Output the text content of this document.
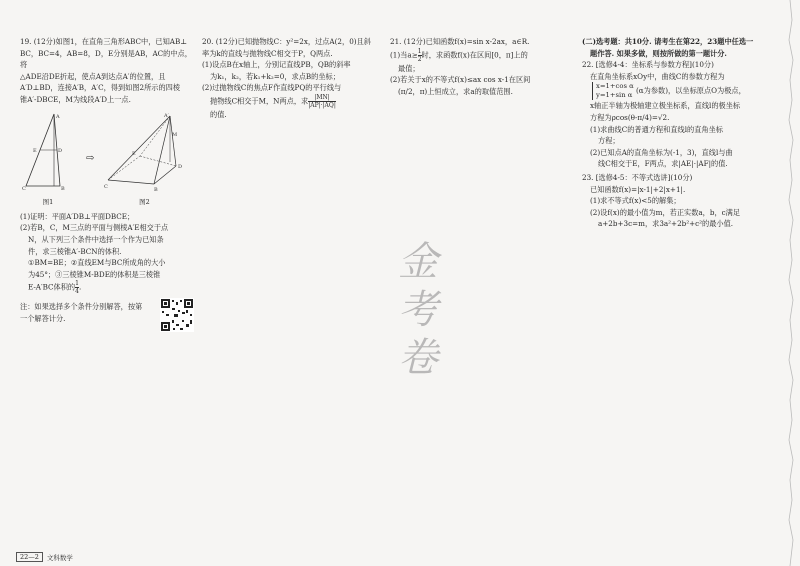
19. (12分)如图1，在直角三角形ABC中，已知AB⊥

BC，BC=4，AB=8，D，E分别是AB，AC的中点，将

△ADE沿DE折起，使点A到达点A′的位置，且

A′D⊥BD，连接A′B，A′C，得到如图2所示的四棱

锥A′-DBCE，M为线段A′D上一点.

A
E	D
C	B
图1
⇨
A′
M
E
D
C	B
图2

(1)证明：平面A′DB⊥平面DBCE；

(2)若B，C，M三点的平面与侧棱A′E相交于点

N，从下列三个条件中选择一个作为已知条

件，求三棱锥A′-BCN的体积.

①BM=BE；②直线EM与BC所成角的大小

为45°；③三棱锥M-BDE的体积是三棱锥

E-A′BC体积的 $\frac{1}{4}$ .

注：如果选择多个条件分别解答，按第

一个解答计分.

20. (12分)已知抛物线C：y²=2x，过点A(2，0)且斜

率为k的直线与抛物线C相交于P，Q两点.

(1)设点B在x轴上，分别记直线PB，QB的斜率

为k₁，k₂，若k₁+k₂=0，求点B的坐标；

(2)过抛物线C的焦点F作直线PQ的平行线与

抛物线C相交于M，N两点，求 $\frac{|MN|}{|AP|\cdot|AQ|}$

的值.

21. (12分)已知函数f(x)=sin x-2ax，a∈R.

(1)当$a\ge \frac{1}{2}$ 时，求函数f(x)在区间[0，π]上的

最值；

(2)若关于x的不等式f(x)≤ax cos x-1在区间

(π/2，π)上恒成立，求a的取值范围.

(二)选考题：共10分. 请考生在第22，23题中任选一

题作答. 如果多做，则按所做的第一题计分.

22. [选修4-4：坐标系与参数方程](10分)

在直角坐标系xOy中，曲线C的参数方程为

x=1+cos α
y=1+sin α (α为参数)，以坐标原点O为极点，

x轴正半轴为极轴建立极坐标系，直线l的极坐标

方程为ρcos(θ-π/4)=√2.

(1)求曲线C的普通方程和直线l的直角坐标

方程；

(2)已知点A的直角坐标为(-1，3)，直线l与曲

线C相交于E，F两点，求|AE|·|AF|的值.

23. [选修4-5：不等式选讲](10分)

已知函数f(x)=|x-1|+2|x+1|.

(1)求不等式f(x)<5的解集；

(2)设f(x)的最小值为m，若正实数a，b，c满足

a+2b+3c=m，求3a²+2b²+c²的最小值.

金
考
卷
22—2	文科数学
